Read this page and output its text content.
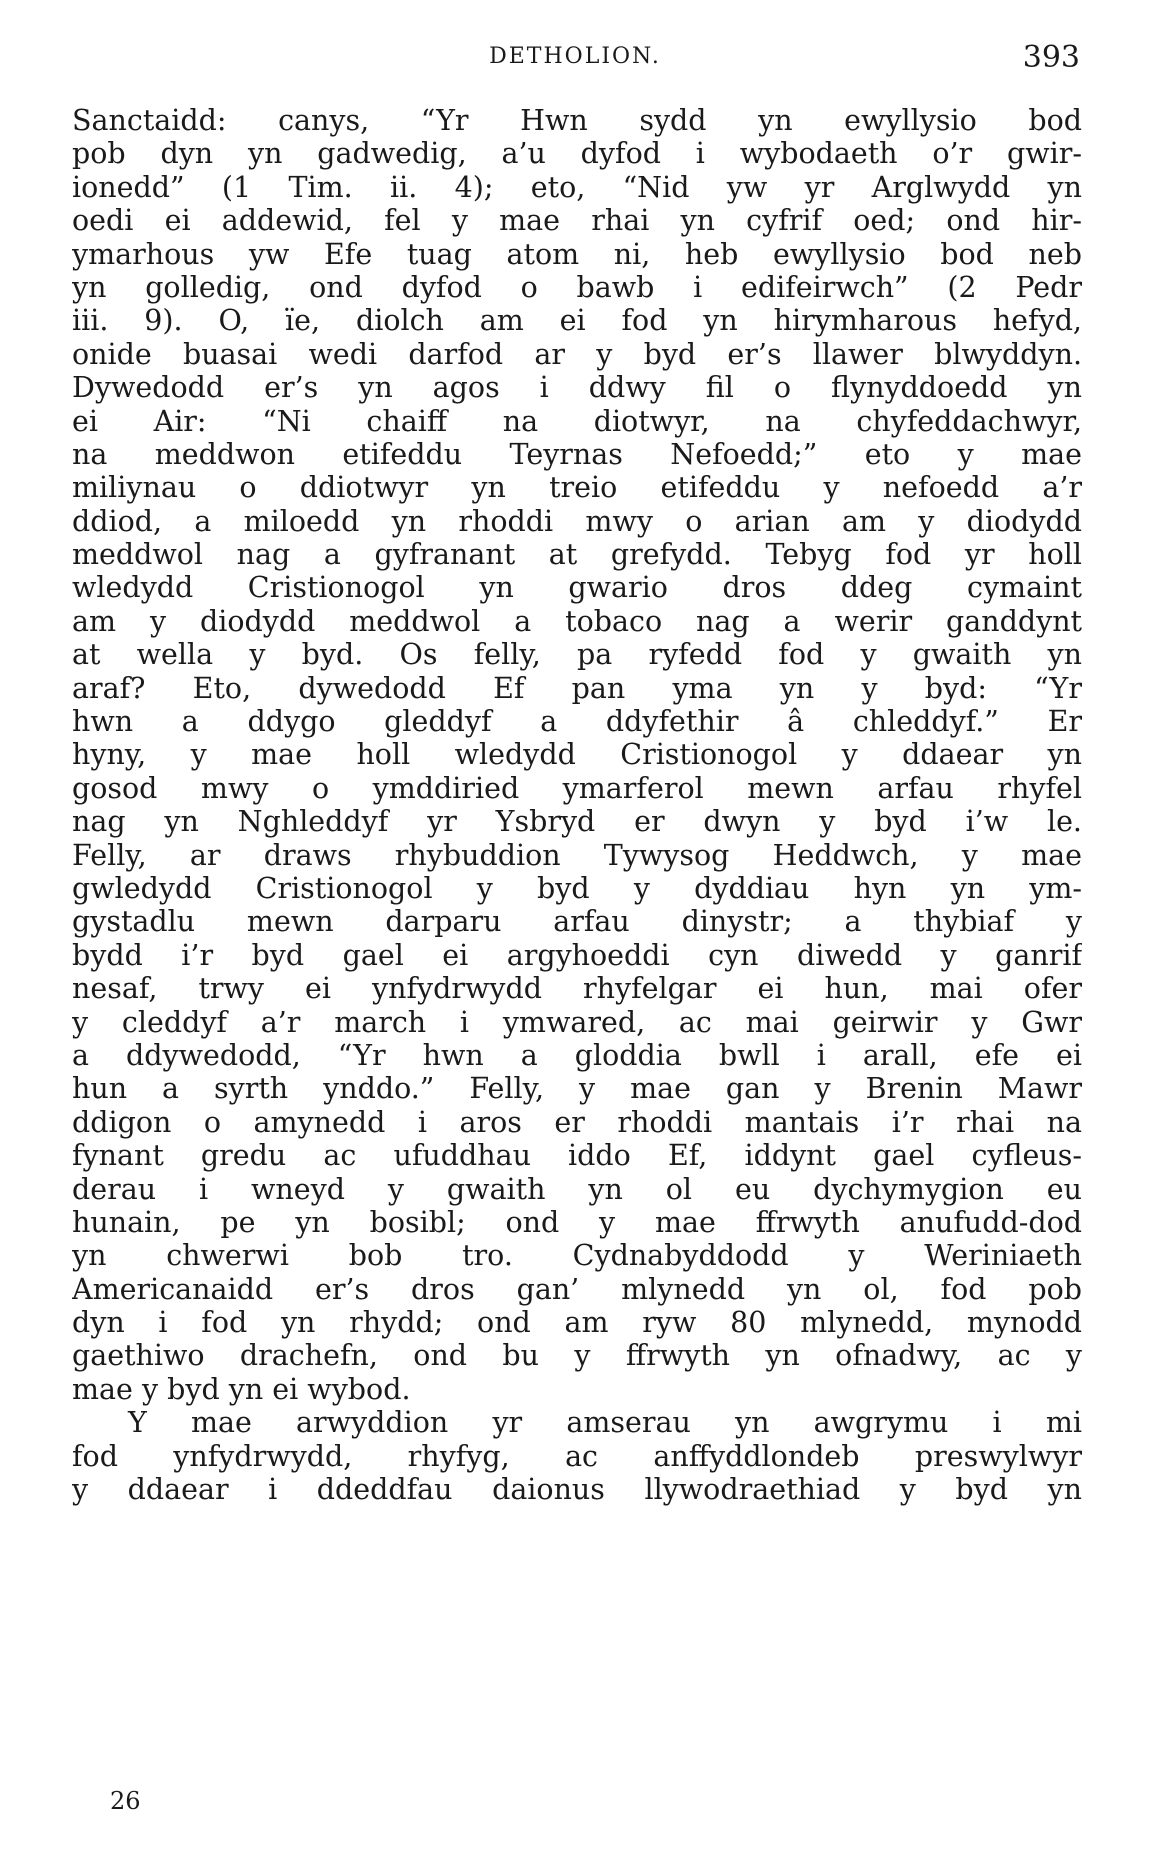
DETHOLION.	393
Sanctaidd: canys, “Yr Hwn sydd yn ewyllysio bod
pob dyn yn gadwedig, a’u dyfod i wybodaeth o’r gwir-
ionedd” (1 Tim. ii. 4); eto, “Nid yw yr Arglwydd yn
oedi ei addewid, fel y mae rhai yn cyfrif oed; ond hir-
ymarhous yw Efe tuag atom ni, heb ewyllysio bod neb
yn golledig, ond dyfod o bawb i edifeirwch” (2 Pedr
iii. 9). O, ïe, diolch am ei fod yn hirymharous hefyd,
onide buasai wedi darfod ar y byd er’s llawer blwyddyn.
Dywedodd er’s yn agos i ddwy fil o flynyddoedd yn
ei Air: “Ni chaiff na diotwyr, na chyfeddachwyr,
na meddwon etifeddu Teyrnas Nefoedd;” eto y mae
miliynau o ddiotwyr yn treio etifeddu y nefoedd a’r
ddiod, a miloedd yn rhoddi mwy o arian am y diodydd
meddwol nag a gyfranant at grefydd. Tebyg fod yr holl
wledydd Cristionogol yn gwario dros ddeg cymaint
am y diodydd meddwol a tobaco nag a werir ganddynt
at wella y byd. Os felly, pa ryfedd fod y gwaith yn
araf? Eto, dywedodd Ef pan yma yn y byd: “Yr
hwn a ddygo gleddyf a ddyfethir â chleddyf.” Er
hyny, y mae holl wledydd Cristionogol y ddaear yn
gosod mwy o ymddiried ymarferol mewn arfau rhyfel
nag yn Nghleddyf yr Ysbryd er dwyn y byd i’w le.
Felly, ar draws rhybuddion Tywysog Heddwch, y mae
gwledydd Cristionogol y byd y dyddiau hyn yn ym-
gystadlu mewn darparu arfau dinystr; a thybiaf y
bydd i’r byd gael ei argyhoeddi cyn diwedd y ganrif
nesaf, trwy ei ynfydrwydd rhyfelgar ei hun, mai ofer
y cleddyf a’r march i ymwared, ac mai geirwir y Gwr
a ddywedodd, “Yr hwn a gloddia bwll i arall, efe ei
hun a syrth ynddo.” Felly, y mae gan y Brenin Mawr
ddigon o amynedd i aros er rhoddi mantais i’r rhai na
fynant gredu ac ufuddhau iddo Ef, iddynt gael cyfleus-
derau i wneyd y gwaith yn ol eu dychymygion eu
hunain, pe yn bosibl; ond y mae ffrwyth anufudd-dod
yn chwerwi bob tro. Cydnabyddodd y Weriniaeth
Americanaidd er’s dros gan’ mlynedd yn ol, fod pob
dyn i fod yn rhydd; ond am ryw 80 mlynedd, mynodd
gaethiwo drachefn, ond bu y ffrwyth yn ofnadwy, ac y
mae y byd yn ei wybod.
Y mae arwyddion yr amserau yn awgrymu i mi
fod ynfydrwydd, rhyfyg, ac anffyddlondeb preswylwyr
y ddaear i ddeddfau daionus llywodraethiad y byd yn
26
